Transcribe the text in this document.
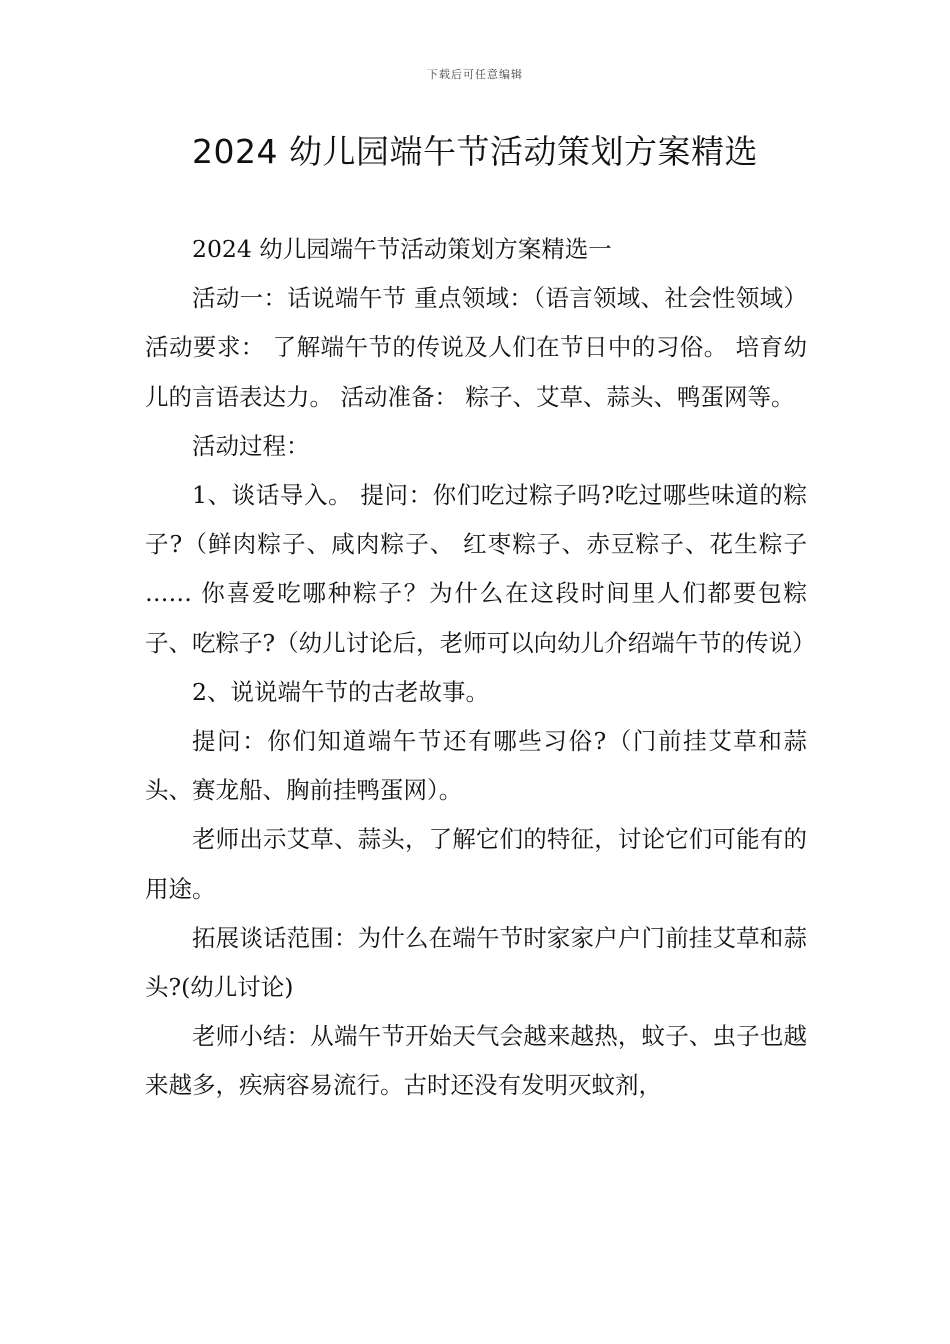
下载后可任意编辑
2024 幼儿园端午节活动策划方案精选

2024 幼儿园端午节活动策划方案精选一

活动一：话说端午节 重点领域：（语言领域、社会性领域）活动要求： 了解端午节的传说及人们在节日中的习俗。 培育幼儿的言语表达力。 活动准备： 粽子、艾草、蒜头、鸭蛋网等。

活动过程：

1、谈话导入。 提问：你们吃过粽子吗?吃过哪些味道的粽子?（鲜肉粽子、咸肉粽子、 红枣粽子、赤豆粽子、花生粽子 …… 你喜爱吃哪种粽子？为什么在这段时间里人们都要包粽子、吃粽子?（幼儿讨论后，老师可以向幼儿介绍端午节的传说）

2、说说端午节的古老故事。

提问：你们知道端午节还有哪些习俗?（门前挂艾草和蒜头、赛龙船、胸前挂鸭蛋网）。

老师出示艾草、蒜头，了解它们的特征，讨论它们可能有的用途。

拓展谈话范围：为什么在端午节时家家户户门前挂艾草和蒜头?(幼儿讨论)

老师小结：从端午节开始天气会越来越热，蚊子、虫子也越来越多，疾病容易流行。古时还没有发明灭蚊剂，
